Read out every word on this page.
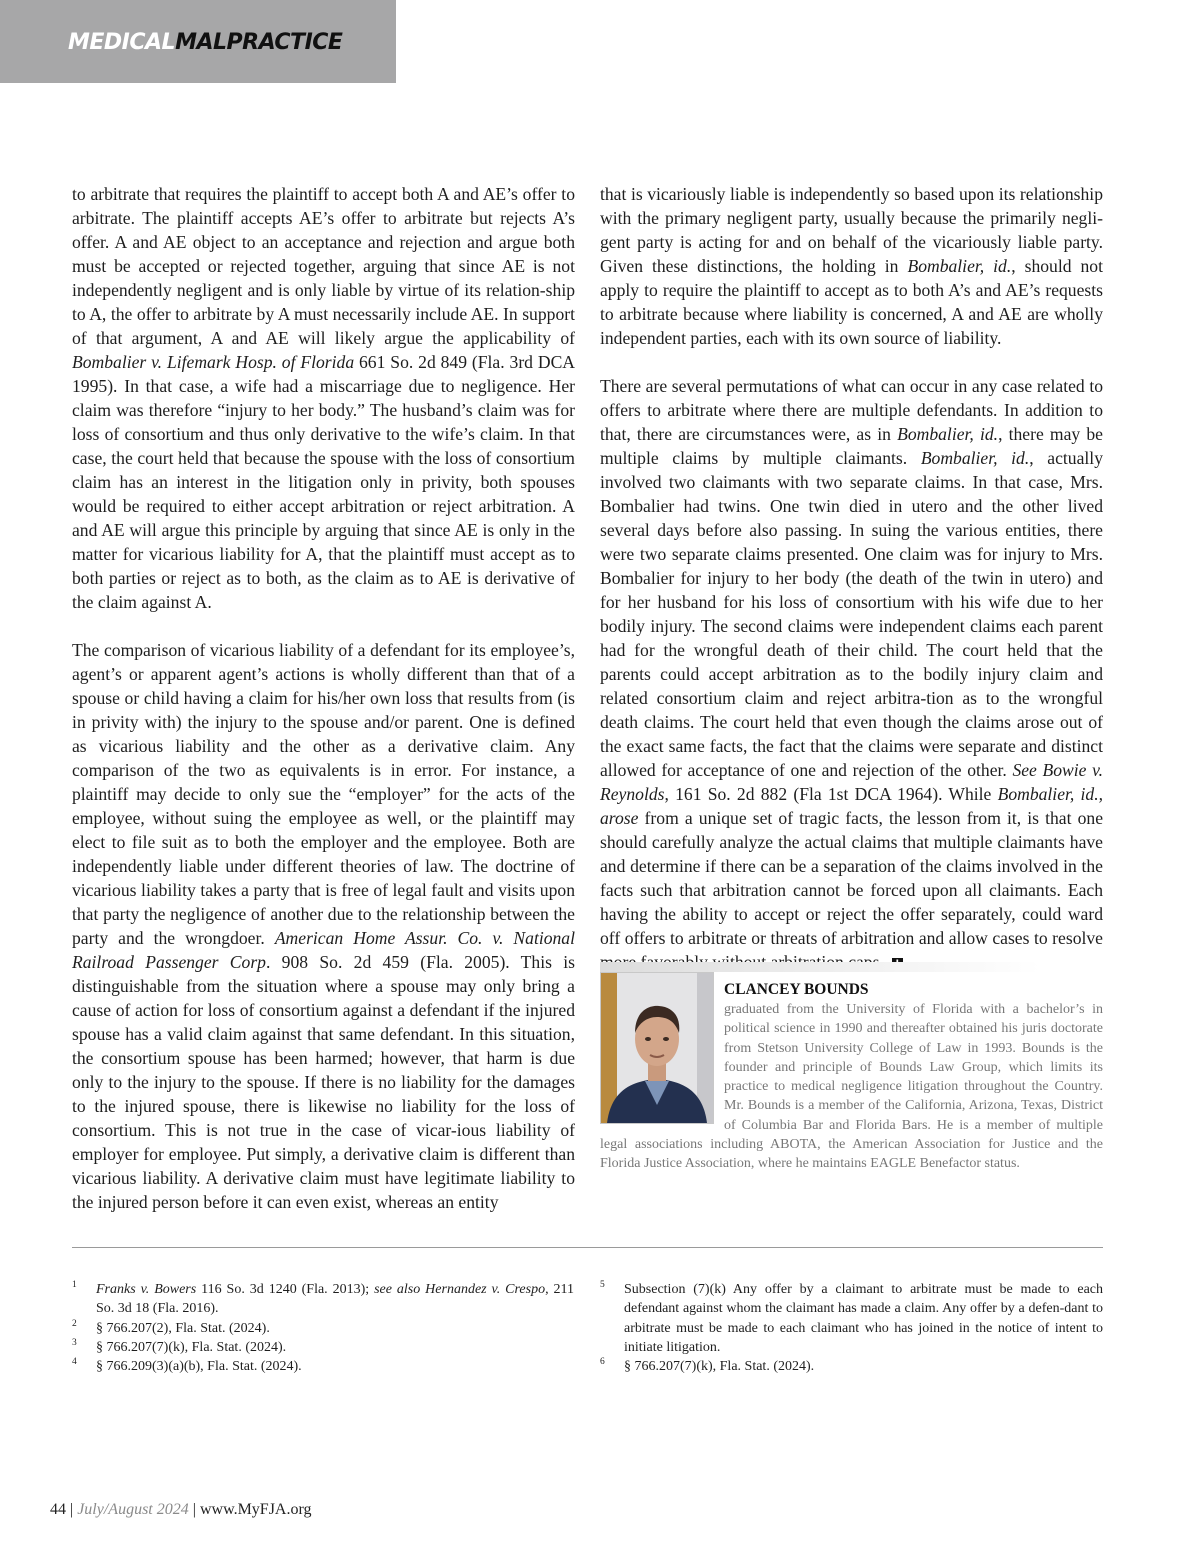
MEDICALMALPRACTICE

to arbitrate that requires the plaintiff to accept both A and AE’s offer to arbitrate. The plaintiff accepts AE’s offer to arbitrate but rejects A’s offer. A and AE object to an acceptance and rejection and argue both must be accepted or rejected together, arguing that since AE is not independently negligent and is only liable by virtue of its relation-ship to A, the offer to arbitrate by A must necessarily include AE. In support of that argument, A and AE will likely argue the applicability of Bombalier v. Lifemark Hosp. of Florida 661 So. 2d 849 (Fla. 3rd DCA 1995). In that case, a wife had a miscarriage due to negligence. Her claim was therefore “injury to her body.” The husband’s claim was for loss of consortium and thus only derivative to the wife’s claim. In that case, the court held that because the spouse with the loss of consortium claim has an interest in the litigation only in privity, both spouses would be required to either accept arbitration or reject arbitration. A and AE will argue this principle by arguing that since AE is only in the matter for vicarious liability for A, that the plaintiff must accept as to both parties or reject as to both, as the claim as to AE is derivative of the claim against A.

The comparison of vicarious liability of a defendant for its employee’s, agent’s or apparent agent’s actions is wholly different than that of a spouse or child having a claim for his/her own loss that results from (is in privity with) the injury to the spouse and/or parent. One is defined as vicarious liability and the other as a derivative claim. Any comparison of the two as equivalents is in error. For instance, a plaintiff may decide to only sue the “employer” for the acts of the employee, without suing the employee as well, or the plaintiff may elect to file suit as to both the employer and the employee. Both are independently liable under different theories of law. The doctrine of vicarious liability takes a party that is free of legal fault and visits upon that party the negligence of another due to the relationship between the party and the wrongdoer. American Home Assur. Co. v. National Railroad Passenger Corp. 908 So. 2d 459 (Fla. 2005). This is distinguishable from the situation where a spouse may only bring a cause of action for loss of consortium against a defendant if the injured spouse has a valid claim against that same defendant. In this situation, the consortium spouse has been harmed; however, that harm is due only to the injury to the spouse. If there is no liability for the damages to the injured spouse, there is likewise no liability for the loss of consortium. This is not true in the case of vicar-ious liability of employer for employee. Put simply, a derivative claim is different than vicarious liability. A derivative claim must have legitimate liability to the injured person before it can even exist, whereas an entity

that is vicariously liable is independently so based upon its relationship with the primary negligent party, usually because the primarily negli-gent party is acting for and on behalf of the vicariously liable party. Given these distinctions, the holding in Bombalier, id., should not apply to require the plaintiff to accept as to both A’s and AE’s requests to arbitrate because where liability is concerned, A and AE are wholly independent parties, each with its own source of liability.

There are several permutations of what can occur in any case related to offers to arbitrate where there are multiple defendants. In addition to that, there are circumstances were, as in Bombalier, id., there may be multiple claims by multiple claimants. Bombalier, id., actually involved two claimants with two separate claims. In that case, Mrs. Bombalier had twins. One twin died in utero and the other lived several days before also passing. In suing the various entities, there were two separate claims presented. One claim was for injury to Mrs. Bombalier for injury to her body (the death of the twin in utero) and for her husband for his loss of consortium with his wife due to her bodily injury. The second claims were independent claims each parent had for the wrongful death of their child. The court held that the parents could accept arbitration as to the bodily injury claim and related consortium claim and reject arbitra-tion as to the wrongful death claims. The court held that even though the claims arose out of the exact same facts, the fact that the claims were separate and distinct allowed for acceptance of one and rejection of the other. See Bowie v. Reynolds, 161 So. 2d 882 (Fla 1st DCA 1964). While Bombalier, id., arose from a unique set of tragic facts, the lesson from it, is that one should carefully analyze the actual claims that multiple claimants have and determine if there can be a separation of the claims involved in the facts such that arbitration cannot be forced upon all claimants. Each having the ability to accept or reject the offer separately, could ward off offers to arbitrate or threats of arbitration and allow cases to resolve

CLANCEY BOUNDS
graduated from the University of Florida with a bachelor’s in political science in 1990 and thereafter obtained his juris doctorate from Stetson University College of Law in 1993. Bounds is the founder and principle of Bounds Law Group, which limits its practice to medical negligence litigation throughout the Country. Mr. Bounds is a member of the California, Arizona, Texas, District of Columbia Bar and Florida Bars. He is a member of multiple legal associations including ABOTA, the American Association for Justice and the Florida Justice Association, where he maintains EAGLE Benefactor status.

1 Franks v. Bowers 116 So. 3d 1240 (Fla. 2013); see also Hernandez v. Crespo, 211 So. 3d 18 (Fla. 2016).

2 § 766.207(2), Fla. Stat. (2024).

3 § 766.207(7)(k), Fla. Stat. (2024).

4 § 766.209(3)(a)(b), Fla. Stat. (2024).

5 Subsection (7)(k) Any offer by a claimant to arbitrate must be made to each defendant against whom the claimant has made a claim. Any offer by a defen-dant to arbitrate must be made to each claimant who has joined in the notice of intent to initiate litigation.

6 § 766.207(7)(k), Fla. Stat. (2024).

44 | July/August 2024 | www.MyFJA.org
